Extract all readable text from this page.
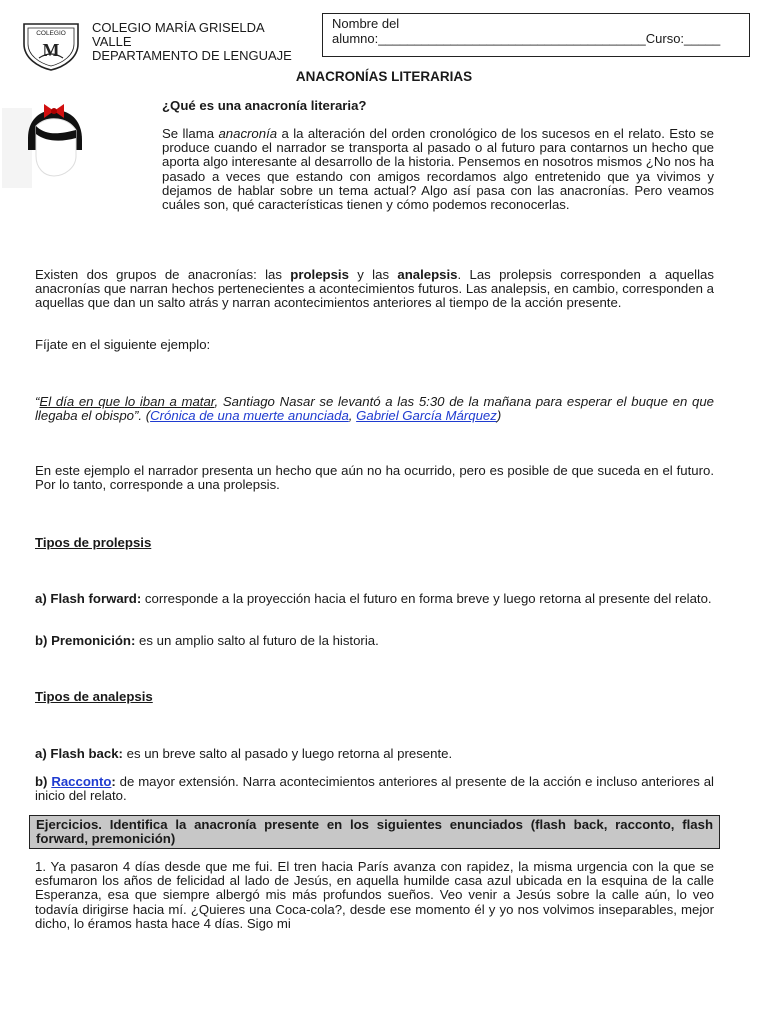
COLEGIO
M
COLEGIO MARÍA GRISELDA
VALLE
DEPARTAMENTO DE LENGUAJE
Nombre del
alumno:_____________________________________Curso:_____
ANACRONÍAS LITERARIAS
¿Qué es una anacronía literaria?
Se llama anacronía a la alteración del orden cronológico de los sucesos en el relato. Esto se produce cuando el narrador se transporta al pasado o al futuro para contarnos un hecho que aporta algo interesante al desarrollo de la historia. Pensemos en nosotros mismos ¿No nos ha pasado a veces que estando con amigos recordamos algo entretenido que ya vivimos y dejamos de hablar sobre un tema actual? Algo así pasa con las anacronías. Pero veamos cuáles son, qué características tienen y cómo podemos reconocerlas.
Existen dos grupos de anacronías: las prolepsis y las analepsis. Las prolepsis corresponden a aquellas anacronías que narran hechos pertenecientes a acontecimientos futuros. Las analepsis, en cambio, corresponden a aquellas que dan un salto atrás y narran acontecimientos anteriores al tiempo de la acción presente.
Fíjate en el siguiente ejemplo:
“El día en que lo iban a matar, Santiago Nasar se levantó a las 5:30 de la mañana para esperar el buque en que llegaba el obispo”. (Crónica de una muerte anunciada, Gabriel García Márquez)
En este ejemplo el narrador presenta un hecho que aún no ha ocurrido, pero es posible de que suceda en el futuro. Por lo tanto, corresponde a una prolepsis.
Tipos de prolepsis
a) Flash forward: corresponde a la proyección hacia el futuro en forma breve y luego retorna al presente del relato.
b) Premonición: es un amplio salto al futuro de la historia.
Tipos de analepsis
a) Flash back: es un breve salto al pasado y luego retorna al presente.
b) Racconto: de mayor extensión. Narra acontecimientos anteriores al presente de la acción e incluso anteriores al inicio del relato.
Ejercicios. Identifica la anacronía presente en los siguientes enunciados (flash back, racconto, flash forward, premonición)
1. Ya pasaron 4 días desde que me fui. El tren hacia París avanza con rapidez, la misma urgencia con la que se esfumaron los años de felicidad al lado de Jesús, en aquella humilde casa azul ubicada en la esquina de la calle Esperanza, esa que siempre albergó mis más profundos sueños. Veo venir a Jesús sobre la calle aún, lo veo todavía dirigirse hacia mí. ¿Quieres una Coca-cola?, desde ese momento él y yo nos volvimos inseparables, mejor dicho, lo éramos hasta hace 4 días. Sigo mi
